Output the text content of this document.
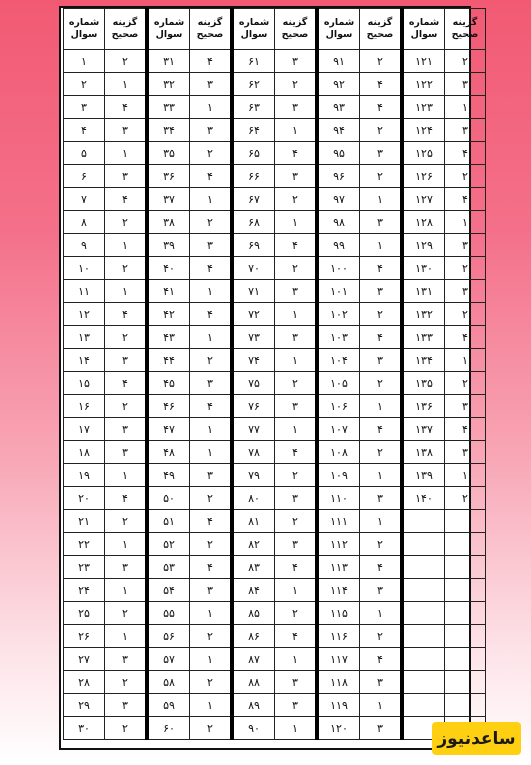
شماره سوال	گزینه صحیح	شماره سوال	گزینه صحیح	شماره سوال	گزینه صحیح	شماره سوال	گزینه صحیح	شماره سوال	گزینه صحیح
۱	۲	۳۱	۴	۶۱	۳	۹۱	۲	۱۲۱	۲
۲	۱	۳۲	۳	۶۲	۲	۹۲	۴	۱۲۲	۳
۳	۴	۳۳	۱	۶۳	۳	۹۳	۴	۱۲۳	۱
۴	۳	۳۴	۳	۶۴	۱	۹۴	۲	۱۲۴	۳
۵	۱	۳۵	۲	۶۵	۴	۹۵	۳	۱۲۵	۴
۶	۳	۳۶	۴	۶۶	۳	۹۶	۲	۱۲۶	۲
۷	۴	۳۷	۱	۶۷	۲	۹۷	۱	۱۲۷	۴
۸	۲	۳۸	۲	۶۸	۱	۹۸	۳	۱۲۸	۱
۹	۱	۳۹	۳	۶۹	۴	۹۹	۱	۱۲۹	۳
۱۰	۲	۴۰	۴	۷۰	۲	۱۰۰	۴	۱۳۰	۲
۱۱	۱	۴۱	۱	۷۱	۳	۱۰۱	۳	۱۳۱	۳
۱۲	۴	۴۲	۴	۷۲	۱	۱۰۲	۲	۱۳۲	۲
۱۳	۲	۴۳	۱	۷۳	۳	۱۰۳	۴	۱۳۳	۴
۱۴	۳	۴۴	۲	۷۴	۱	۱۰۴	۳	۱۳۴	۱
۱۵	۴	۴۵	۳	۷۵	۲	۱۰۵	۲	۱۳۵	۲
۱۶	۲	۴۶	۴	۷۶	۳	۱۰۶	۱	۱۳۶	۳
۱۷	۳	۴۷	۱	۷۷	۱	۱۰۷	۴	۱۳۷	۴
۱۸	۳	۴۸	۱	۷۸	۴	۱۰۸	۲	۱۳۸	۳
۱۹	۱	۴۹	۳	۷۹	۲	۱۰۹	۱	۱۳۹	۱
۲۰	۴	۵۰	۲	۸۰	۳	۱۱۰	۳	۱۴۰	۲
۲۱	۲	۵۱	۴	۸۱	۲	۱۱۱	۱		
۲۲	۱	۵۲	۲	۸۲	۳	۱۱۲	۲		
۲۳	۳	۵۳	۴	۸۳	۴	۱۱۳	۴		
۲۴	۱	۵۴	۳	۸۴	۱	۱۱۴	۳		
۲۵	۲	۵۵	۱	۸۵	۲	۱۱۵	۱		
۲۶	۱	۵۶	۲	۸۶	۴	۱۱۶	۲		
۲۷	۳	۵۷	۱	۸۷	۱	۱۱۷	۴		
۲۸	۲	۵۸	۲	۸۸	۳	۱۱۸	۳		
۲۹	۳	۵۹	۱	۸۹	۳	۱۱۹	۱		
۳۰	۲	۶۰	۲	۹۰	۱	۱۲۰	۳		
ساعدنیوز
